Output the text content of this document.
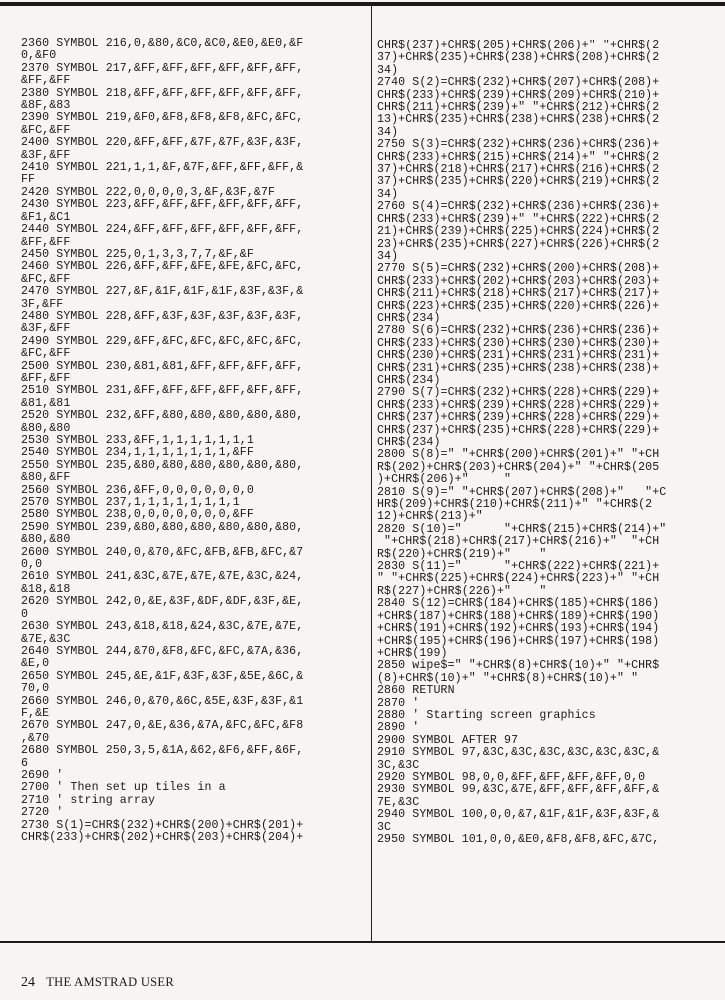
2360 SYMBOL 216,0,&80,&C0,&C0,&E0,&E0,&F
0,&F0
2370 SYMBOL 217,&FF,&FF,&FF,&FF,&FF,&FF,
&FF,&FF
2380 SYMBOL 218,&FF,&FF,&FF,&FF,&FF,&FF,
&8F,&83
2390 SYMBOL 219,&F0,&F8,&F8,&F8,&FC,&FC,
&FC,&FF
2400 SYMBOL 220,&FF,&FF,&7F,&7F,&3F,&3F,
&3F,&FF
2410 SYMBOL 221,1,1,&F,&7F,&FF,&FF,&FF,&
FF
2420 SYMBOL 222,0,0,0,0,3,&F,&3F,&7F
2430 SYMBOL 223,&FF,&FF,&FF,&FF,&FF,&FF,
&F1,&C1
2440 SYMBOL 224,&FF,&FF,&FF,&FF,&FF,&FF,
&FF,&FF
2450 SYMBOL 225,0,1,3,3,7,7,&F,&F
2460 SYMBOL 226,&FF,&FF,&FE,&FE,&FC,&FC,
&FC,&FF
2470 SYMBOL 227,&F,&1F,&1F,&1F,&3F,&3F,&
3F,&FF
2480 SYMBOL 228,&FF,&3F,&3F,&3F,&3F,&3F,
&3F,&FF
2490 SYMBOL 229,&FF,&FC,&FC,&FC,&FC,&FC,
&FC,&FF
2500 SYMBOL 230,&81,&81,&FF,&FF,&FF,&FF,
&FF,&FF
2510 SYMBOL 231,&FF,&FF,&FF,&FF,&FF,&FF,
&81,&81
2520 SYMBOL 232,&FF,&80,&80,&80,&80,&80,
&80,&80
2530 SYMBOL 233,&FF,1,1,1,1,1,1,1
2540 SYMBOL 234,1,1,1,1,1,1,1,&FF
2550 SYMBOL 235,&80,&80,&80,&80,&80,&80,
&80,&FF
2560 SYMBOL 236,&FF,0,0,0,0,0,0,0
2570 SYMBOL 237,1,1,1,1,1,1,1,1
2580 SYMBOL 238,0,0,0,0,0,0,0,&FF
2590 SYMBOL 239,&80,&80,&80,&80,&80,&80,
&80,&80
2600 SYMBOL 240,0,&70,&FC,&FB,&FB,&FC,&7
0,0
2610 SYMBOL 241,&3C,&7E,&7E,&7E,&3C,&24,
&18,&18
2620 SYMBOL 242,0,&E,&3F,&DF,&DF,&3F,&E,
0
2630 SYMBOL 243,&18,&18,&24,&3C,&7E,&7E,
&7E,&3C
2640 SYMBOL 244,&70,&F8,&FC,&FC,&7A,&36,
&E,0
2650 SYMBOL 245,&E,&1F,&3F,&3F,&5E,&6C,&
70,0
2660 SYMBOL 246,0,&70,&6C,&5E,&3F,&3F,&1
F,&E
2670 SYMBOL 247,0,&E,&36,&7A,&FC,&FC,&F8
,&70
2680 SYMBOL 250,3,5,&1A,&62,&F6,&FF,&6F,
6
2690 '
2700 ' Then set up tiles in a
2710 ' string array
2720 '
2730 S(1)=CHR$(232)+CHR$(200)+CHR$(201)+
CHR$(233)+CHR$(202)+CHR$(203)+CHR$(204)+
CHR$(237)+CHR$(205)+CHR$(206)+" "+CHR$(2
37)+CHR$(235)+CHR$(238)+CHR$(208)+CHR$(2
34)
2740 S(2)=CHR$(232)+CHR$(207)+CHR$(208)+
CHR$(233)+CHR$(239)+CHR$(209)+CHR$(210)+
CHR$(211)+CHR$(239)+" "+CHR$(212)+CHR$(2
13)+CHR$(235)+CHR$(238)+CHR$(238)+CHR$(2
34)
2750 S(3)=CHR$(232)+CHR$(236)+CHR$(236)+
CHR$(233)+CHR$(215)+CHR$(214)+" "+CHR$(2
37)+CHR$(218)+CHR$(217)+CHR$(216)+CHR$(2
37)+CHR$(235)+CHR$(220)+CHR$(219)+CHR$(2
34)
2760 S(4)=CHR$(232)+CHR$(236)+CHR$(236)+
CHR$(233)+CHR$(239)+" "+CHR$(222)+CHR$(2
21)+CHR$(239)+CHR$(225)+CHR$(224)+CHR$(2
23)+CHR$(235)+CHR$(227)+CHR$(226)+CHR$(2
34)
2770 S(5)=CHR$(232)+CHR$(200)+CHR$(208)+
CHR$(233)+CHR$(202)+CHR$(203)+CHR$(203)+
CHR$(211)+CHR$(218)+CHR$(217)+CHR$(217)+
CHR$(223)+CHR$(235)+CHR$(220)+CHR$(226)+
CHR$(234)
2780 S(6)=CHR$(232)+CHR$(236)+CHR$(236)+
CHR$(233)+CHR$(230)+CHR$(230)+CHR$(230)+
CHR$(230)+CHR$(231)+CHR$(231)+CHR$(231)+
CHR$(231)+CHR$(235)+CHR$(238)+CHR$(238)+
CHR$(234)
2790 S(7)=CHR$(232)+CHR$(228)+CHR$(229)+
CHR$(233)+CHR$(239)+CHR$(228)+CHR$(229)+
CHR$(237)+CHR$(239)+CHR$(228)+CHR$(229)+
CHR$(237)+CHR$(235)+CHR$(228)+CHR$(229)+
CHR$(234)
2800 S(8)=" "+CHR$(200)+CHR$(201)+" "+CH
R$(202)+CHR$(203)+CHR$(204)+" "+CHR$(205
)+CHR$(206)+"     "
2810 S(9)=" "+CHR$(207)+CHR$(208)+"   "+C
HR$(209)+CHR$(210)+CHR$(211)+" "+CHR$(2
12)+CHR$(213)+"
2820 S(10)="      "+CHR$(215)+CHR$(214)+"
"+CHR$(218)+CHR$(217)+CHR$(216)+"  "+CH
R$(220)+CHR$(219)+"    "
2830 S(11)="      "+CHR$(222)+CHR$(221)+
" "+CHR$(225)+CHR$(224)+CHR$(223)+" "+CH
R$(227)+CHR$(226)+"    "
2840 S(12)=CHR$(184)+CHR$(185)+CHR$(186)
+CHR$(187)+CHR$(188)+CHR$(189)+CHR$(190)
+CHR$(191)+CHR$(192)+CHR$(193)+CHR$(194)
+CHR$(195)+CHR$(196)+CHR$(197)+CHR$(198)
+CHR$(199)
2850 wipe$=" "+CHR$(8)+CHR$(10)+" "+CHR$
(8)+CHR$(10)+" "+CHR$(8)+CHR$(10)+" "
2860 RETURN
2870 '
2880 ' Starting screen graphics
2890 '
2900 SYMBOL AFTER 97
2910 SYMBOL 97,&3C,&3C,&3C,&3C,&3C,&3C,&
3C,&3C
2920 SYMBOL 98,0,0,&FF,&FF,&FF,&FF,0,0
2930 SYMBOL 99,&3C,&7E,&FF,&FF,&FF,&FF,&
7E,&3C
2940 SYMBOL 100,0,0,&7,&1F,&1F,&3F,&3F,&
3C
2950 SYMBOL 101,0,0,&E0,&F8,&F8,&FC,&7C,
24 THE AMSTRAD USER
